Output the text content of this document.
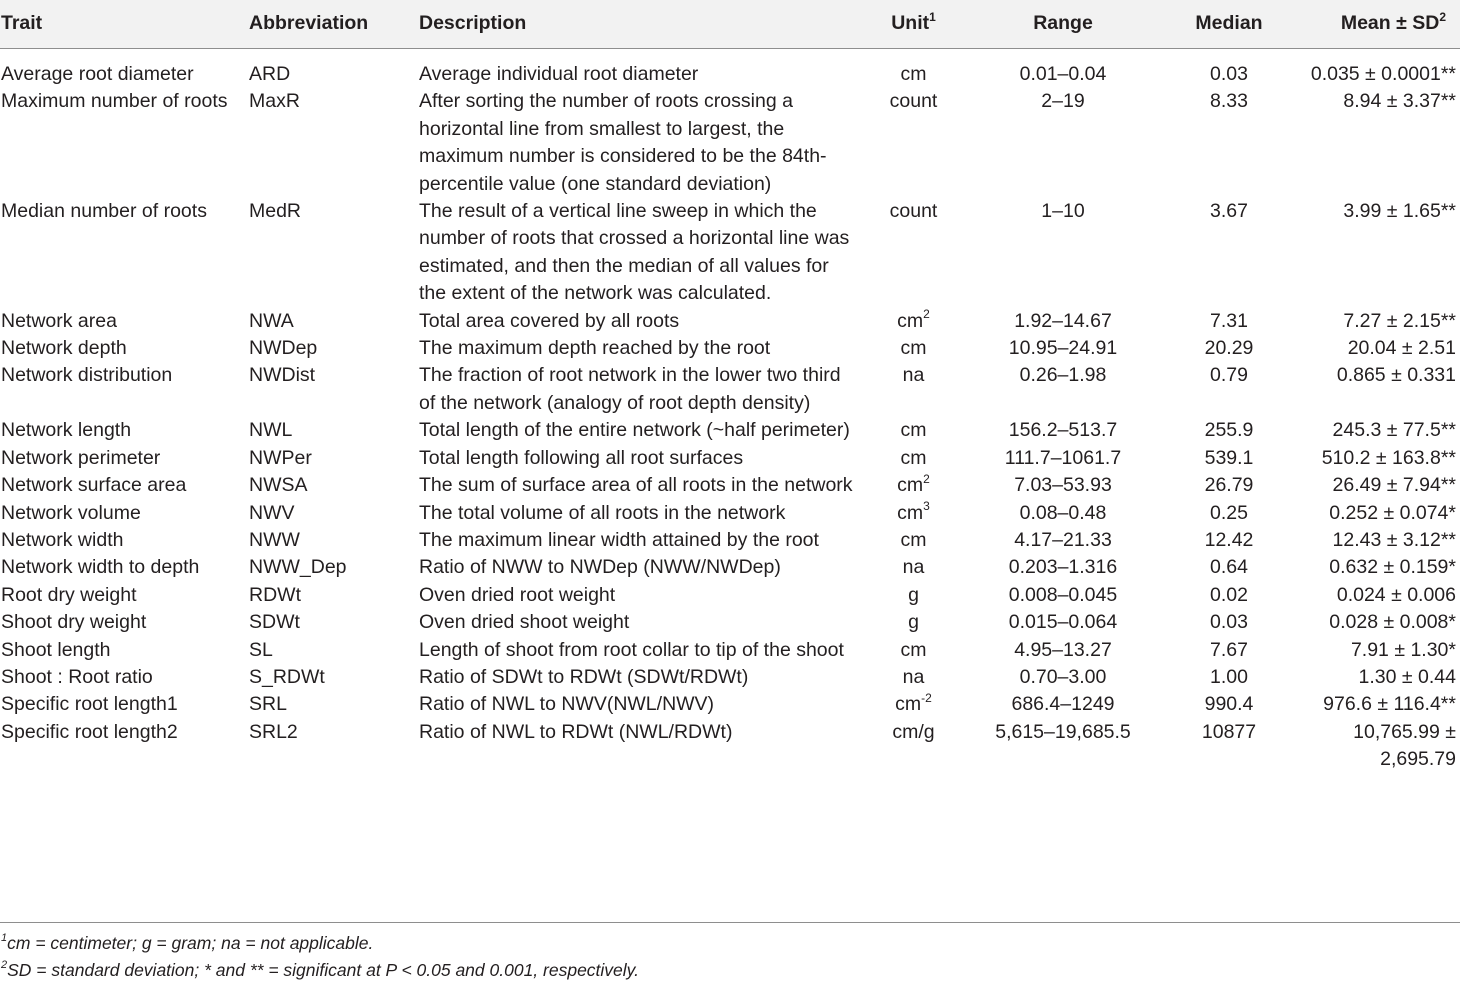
Trait	Abbreviation	Description	Unit$^1$	Range	Median	Mean ± $SD^2$
Average root diameter	ARD	Average individual root diameter	cm	0.01–0.04	0.03	0.035 ± 0.0001**
Maximum number of roots	MaxR	After sorting the number of roots crossing a horizontal line from smallest to largest, the maximum number is considered to be the 84th-percentile value (one standard deviation)	count	2–19	8.33	8.94 ± 3.37**
Median number of roots	MedR	The result of a vertical line sweep in which the number of roots that crossed a horizontal line was estimated, and then the median of all values for the extent of the network was calculated.	count	1–10	3.67	3.99 ± 1.65**
Network area	NWA	Total area covered by all roots	$cm^2$	1.92–14.67	7.31	7.27 ± 2.15**
Network depth	NWDep	The maximum depth reached by the root	cm	10.95–24.91	20.29	20.04 ± 2.51
Network distribution	NWDist	The fraction of root network in the lower two third of the network (analogy of root depth density)	na	0.26–1.98	0.79	0.865 ± 0.331
Network length	NWL	Total length of the entire network (~half perimeter)	cm	156.2–513.7	255.9	245.3 ± 77.5**
Network perimeter	NWPer	Total length following all root surfaces	cm	111.7–1061.7	539.1	510.2 ± 163.8**
Network surface area	NWSA	The sum of surface area of all roots in the network	$cm^2$	7.03–53.93	26.79	26.49 ± 7.94**
Network volume	NWV	The total volume of all roots in the network	$cm^3$	0.08–0.48	0.25	0.252 ± 0.074*
Network width	NWW	The maximum linear width attained by the root	cm	4.17–21.33	12.42	12.43 ± 3.12**
Network width to depth	NWW_Dep	Ratio of NWW to NWDep (NWW/NWDep)	na	0.203–1.316	0.64	0.632 ± 0.159*
Root dry weight	RDWt	Oven dried root weight	g	0.008–0.045	0.02	0.024 ± 0.006
Shoot dry weight	SDWt	Oven dried shoot weight	g	0.015–0.064	0.03	0.028 ± 0.008*
Shoot length	SL	Length of shoot from root collar to tip of the shoot	cm	4.95–13.27	7.67	7.91 ± 1.30*
Shoot : Root ratio	S_RDWt	Ratio of SDWt to RDWt (SDWt/RDWt)	na	0.70–3.00	1.00	1.30 ± 0.44
Specific root length1	SRL	Ratio of NWL to NWV(NWL/NWV)	$cm^{-2}$	686.4–1249	990.4	976.6 ± 116.4**
Specific root length2	SRL2	Ratio of NWL to RDWt (NWL/RDWt)	cm/g	5,615–19,685.5	10877	10,765.99 ± 2,695.79
$^1$cm = centimeter; g = gram; na = not applicable.
$^2$SD = standard deviation; * and ** = significant at P < 0.05 and 0.001, respectively.
